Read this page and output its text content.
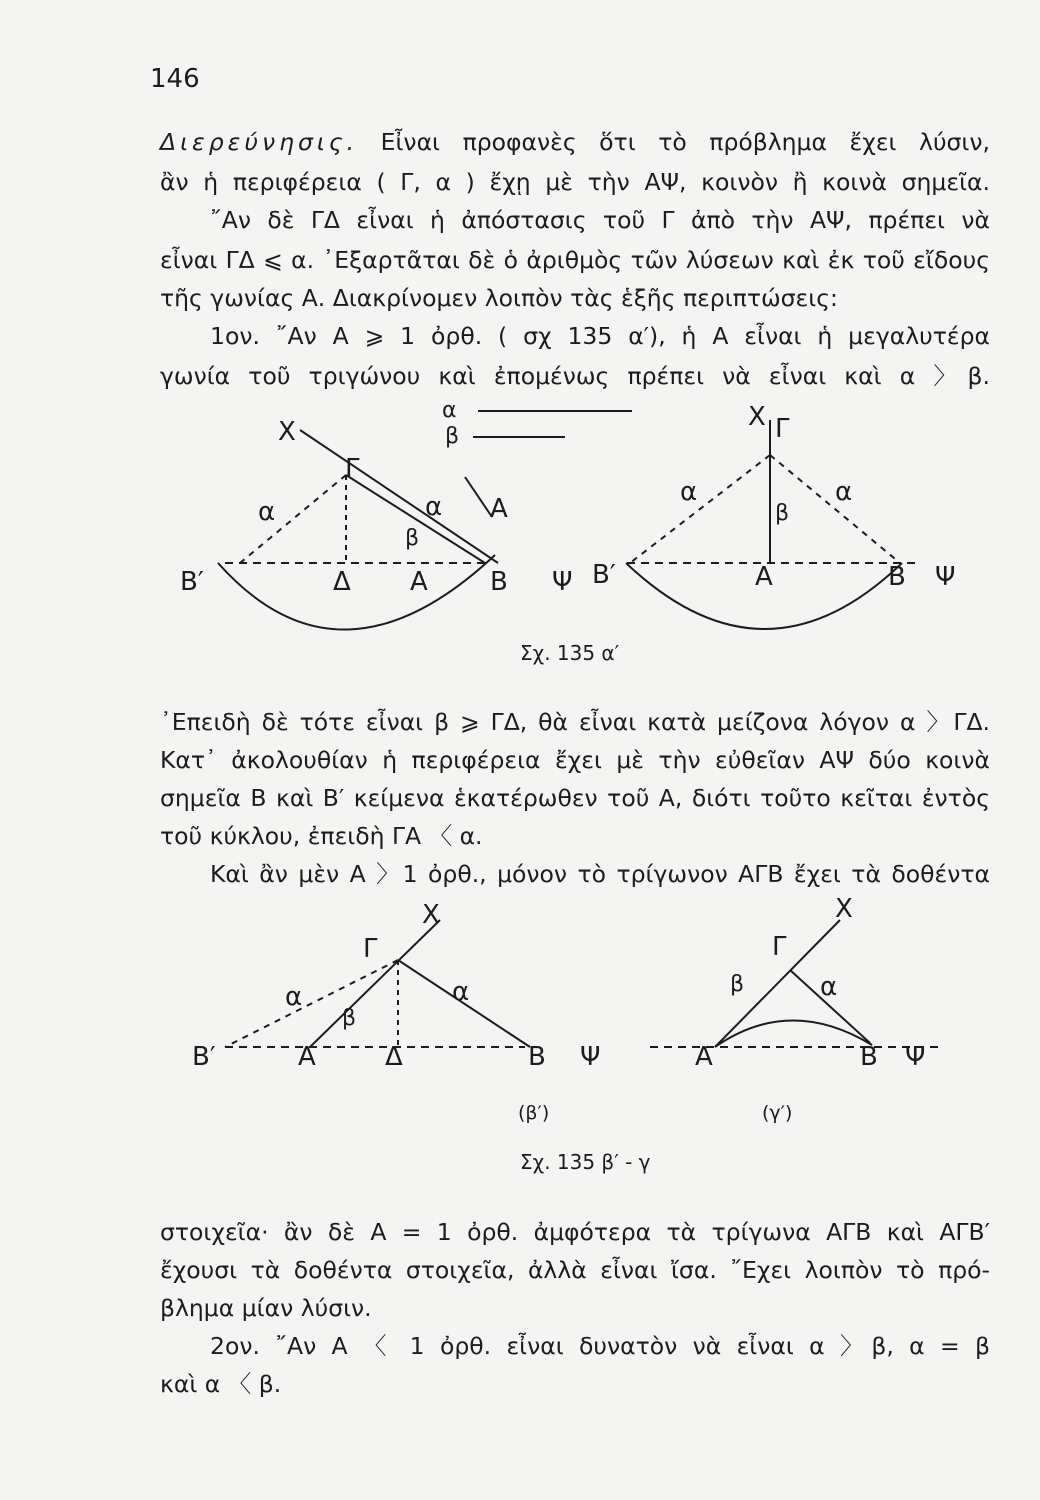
146
Διερεύνησις. Εἶναι προφανὲς ὅτι τὸ πρόβλημα ἔχει λύσιν,
ἂν ἡ περιφέρεια ( Γ, α ) ἔχῃ μὲ τὴν ΑΨ, κοινὸν ἢ κοινὰ σημεῖα.
῎Αν δὲ ΓΔ εἶναι ἡ ἀπόστασις τοῦ Γ ἀπὸ τὴν ΑΨ, πρέπει νὰ
εἶναι ΓΔ ⩽ α. ᾿Εξαρτᾶται δὲ ὁ ἀριθμὸς τῶν λύσεων καὶ ἐκ τοῦ εἴδους
τῆς γωνίας Α. Διακρίνομεν λοιπὸν τὰς ἑξῆς περιπτώσεις:
1ον. ῎Αν Α ⩾ 1 ὀρθ. ( σχ 135 α′), ἡ Α εἶναι ἡ μεγαλυτέρα
γωνία τοῦ τριγώνου καὶ ἐπομένως πρέπει νὰ εἶναι καὶ α 〉β.
X
Γ
α	α
β
A
B′	Δ A B Ψ
α
β
X Γ
α	α
β
B′	A	B Ψ
Σχ. 135 α′
᾿Επειδὴ δὲ τότε εἶναι β ⩾ ΓΔ, θὰ εἶναι κατὰ μείζονα λόγον α 〉ΓΔ.
Κατ᾿ ἀκολουθίαν ἡ περιφέρεια ἔχει μὲ τὴν εὐθεῖαν ΑΨ δύο κοινὰ
σημεῖα Β καὶ Β′ κείμενα ἑκατέρωθεν τοῦ Α, διότι τοῦτο κεῖται ἐντὸς
τοῦ κύκλου, ἐπειδὴ ΓΑ 〈 α.
Καὶ ἂν μὲν Α 〉1 ὀρθ., μόνον τὸ τρίγωνον ΑΓΒ ἔχει τὰ δοθέντα
X
Γ
α	α
β
B′	A	Δ	B Ψ
X
Γ
β	α
A	B Ψ
(β′)	(γ′)
Σχ. 135 β′ - γ
στοιχεῖα· ἂν δὲ Α = 1 ὀρθ. ἀμφότερα τὰ τρίγωνα ΑΓΒ καὶ ΑΓΒ′
ἔχουσι τὰ δοθέντα στοιχεῖα, ἀλλὰ εἶναι ἴσα. ῎Εχει λοιπὸν τὸ πρό-
βλημα μίαν λύσιν.
2ον. ῎Αν Α 〈 1 ὀρθ. εἶναι δυνατὸν νὰ εἶναι α 〉β, α = β
καὶ α 〈 β.
